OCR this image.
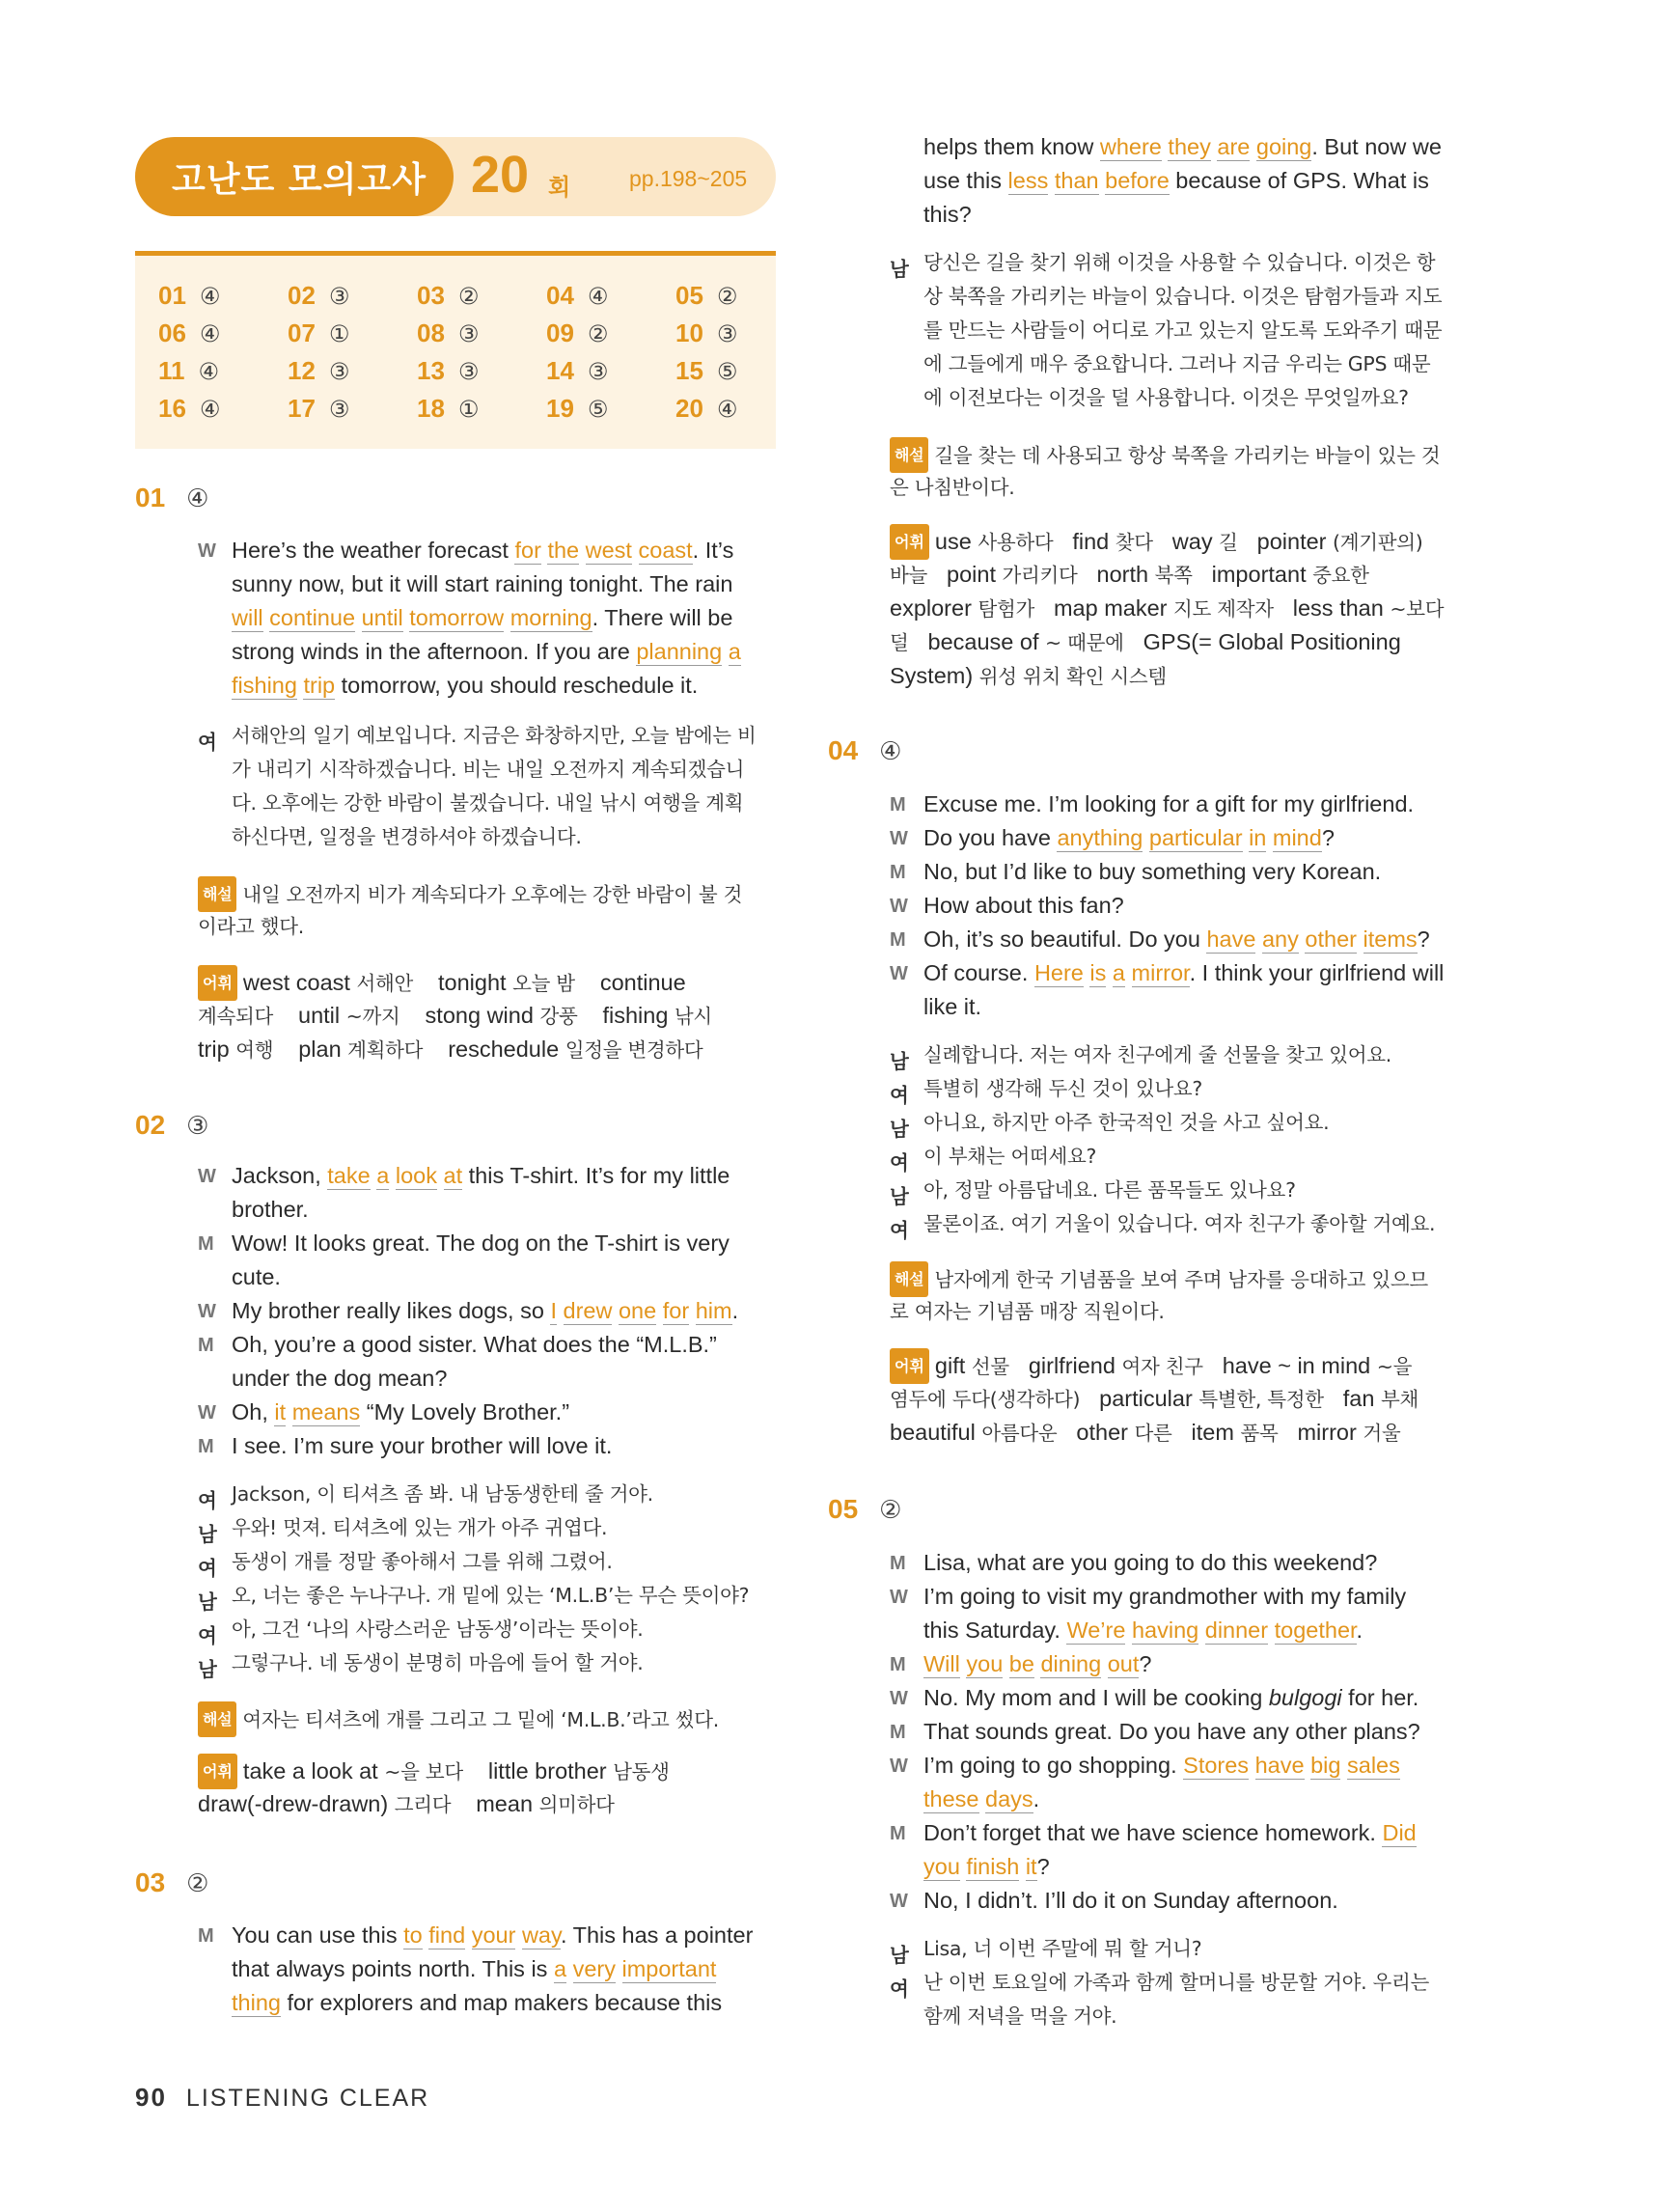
고난도 모의고사 20 회	pp.198~205
01 ④	02 ③	03 ②	04 ④	05 ②
06 ④	07 ①	08 ③	09 ②	10 ③
11 ④	12 ③	13 ③	14 ③	15 ⑤
16 ④	17 ③	18 ①	19 ⑤	20 ④
01 ④
W Here’s the weather forecast for the west coast. It’s
sunny now, but it will start raining tonight. The rain
will continue until tomorrow morning. There will be
strong winds in the afternoon. If you are planning a
fishing trip tomorrow, you should reschedule it.
여 서해안의 일기 예보입니다. 지금은 화창하지만, 오늘 밤에는 비
가 내리기 시작하겠습니다. 비는 내일 오전까지 계속되겠습니
다. 오후에는 강한 바람이 불겠습니다. 내일 낚시 여행을 계획
하신다면, 일정을 변경하셔야 하겠습니다.
해설 내일 오전까지 비가 계속되다가 오후에는 강한 바람이 불 것
이라고 했다.
어휘 west coast 서해안 tonight 오늘 밤 continue
계속되다 until ~까지 stong wind 강풍 fishing 낚시
trip 여행 plan 계획하다 reschedule 일정을 변경하다
02 ③
W Jackson, take a look at this T-shirt. It’s for my little
brother.
M Wow! It looks great. The dog on the T-shirt is very
cute.
W My brother really likes dogs, so I drew one for him.
M Oh, you’re a good sister. What does the “M.L.B.”
under the dog mean?
W Oh, it means “My Lovely Brother.”
M I see. I’m sure your brother will love it.
여 Jackson, 이 티셔츠 좀 봐. 내 남동생한테 줄 거야.
남 우와! 멋져. 티셔츠에 있는 개가 아주 귀엽다.
여 동생이 개를 정말 좋아해서 그를 위해 그렸어.
남 오, 너는 좋은 누나구나. 개 밑에 있는 ‘M.L.B’는 무슨 뜻이야?
여 아, 그건 ‘나의 사랑스러운 남동생’이라는 뜻이야.
남 그렇구나. 네 동생이 분명히 마음에 들어 할 거야.
해설 여자는 티셔츠에 개를 그리고 그 밑에 ‘M.L.B.’라고 썼다.
어휘 take a look at ~을 보다 little brother 남동생
draw(-drew-drawn) 그리다 mean 의미하다
03 ②
M You can use this to find your way. This has a pointer
that always points north. This is a very important
thing for explorers and map makers because this
90 LISTENING CLEAR
helps them know where they are going. But now we
use this less than before because of GPS. What is
this?
남 당신은 길을 찾기 위해 이것을 사용할 수 있습니다. 이것은 항
상 북쪽을 가리키는 바늘이 있습니다. 이것은 탐험가들과 지도
를 만드는 사람들이 어디로 가고 있는지 알도록 도와주기 때문
에 그들에게 매우 중요합니다. 그러나 지금 우리는 GPS 때문
에 이전보다는 이것을 덜 사용합니다. 이것은 무엇일까요?
해설 길을 찾는 데 사용되고 항상 북쪽을 가리키는 바늘이 있는 것
은 나침반이다.
어휘 use 사용하다 find 찾다 way 길 pointer (계기판의)
바늘 point 가리키다 north 북쪽 important 중요한
explorer 탐험가 map maker 지도 제작자 less than ~보다
덜 because of ~ 때문에 GPS(= Global Positioning
System) 위성 위치 확인 시스템
04 ④
M Excuse me. I’m looking for a gift for my girlfriend.
W Do you have anything particular in mind?
M No, but I’d like to buy something very Korean.
W How about this fan?
M Oh, it’s so beautiful. Do you have any other items?
W Of course. Here is a mirror. I think your girlfriend will
like it.
남 실례합니다. 저는 여자 친구에게 줄 선물을 찾고 있어요.
여 특별히 생각해 두신 것이 있나요?
남 아니요, 하지만 아주 한국적인 것을 사고 싶어요.
여 이 부채는 어떠세요?
남 아, 정말 아름답네요. 다른 품목들도 있나요?
여 물론이죠. 여기 거울이 있습니다. 여자 친구가 좋아할 거예요.
해설 남자에게 한국 기념품을 보여 주며 남자를 응대하고 있으므
로 여자는 기념품 매장 직원이다.
어휘 gift 선물 girlfriend 여자 친구 have ~ in mind ~을
염두에 두다(생각하다) particular 특별한, 특정한 fan 부채
beautiful 아름다운 other 다른 item 품목 mirror 거울
05 ②
M Lisa, what are you going to do this weekend?
W I’m going to visit my grandmother with my family
this Saturday. We’re having dinner together.
M Will you be dining out?
W No. My mom and I will be cooking bulgogi for her.
M That sounds great. Do you have any other plans?
W I’m going to go shopping. Stores have big sales
these days.
M Don’t forget that we have science homework. Did
you finish it?
W No, I didn’t. I’ll do it on Sunday afternoon.
남 Lisa, 너 이번 주말에 뭐 할 거니?
여 난 이번 토요일에 가족과 함께 할머니를 방문할 거야. 우리는
함께 저녁을 먹을 거야.
